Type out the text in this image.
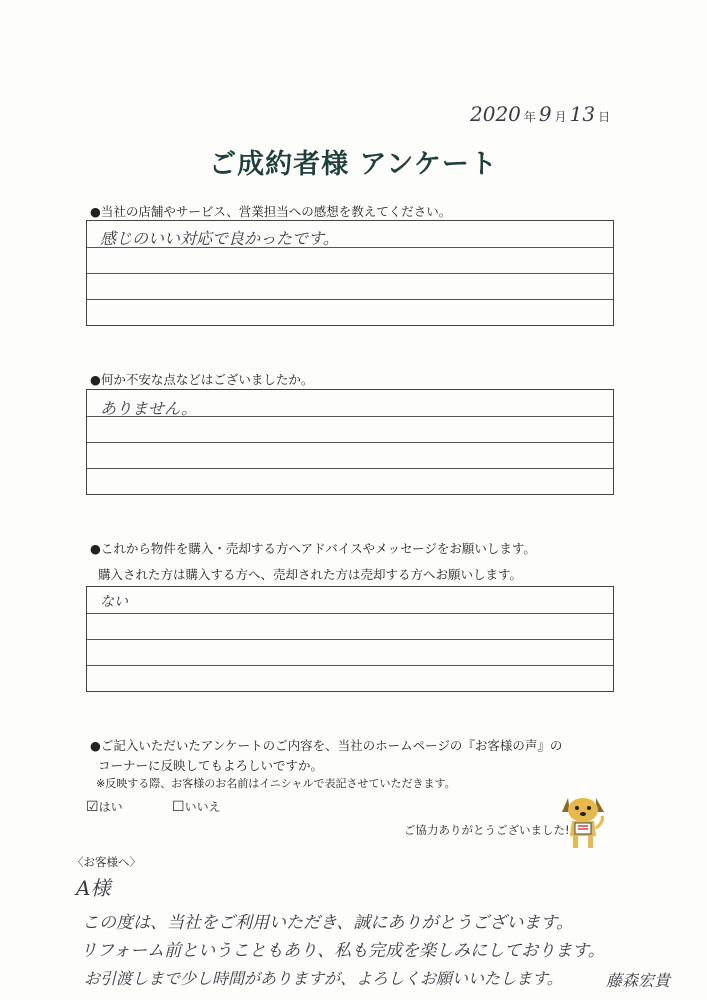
2020 年 9 月 13 日
ご成約者様 アンケート
●当社の店舗やサービス、営業担当への感想を教えてください。
感じのいい対応で良かったです。
●何か不安な点などはございましたか。
ありません。
●これから物件を購入・売却する方へアドバイスやメッセージをお願いします。
購入された方は購入する方へ、売却された方は売却する方へお願いします。
ない
●ご記入いただいたアンケートのご内容を、当社のホームページの『お客様の声』の
コーナーに反映してもよろしいですか。
※反映する際、お客様のお名前はイニシャルで表記させていただきます。
☑はい	☐いいえ
ご協力ありがとうございました!
〈お客様へ〉
A様
この度は、当社をご利用いただき、誠にありがとうございます。
リフォーム前ということもあり、私も完成を楽しみにしております。
お引渡しまで少し時間がありますが、よろしくお願いいたします。	藤森宏貴
